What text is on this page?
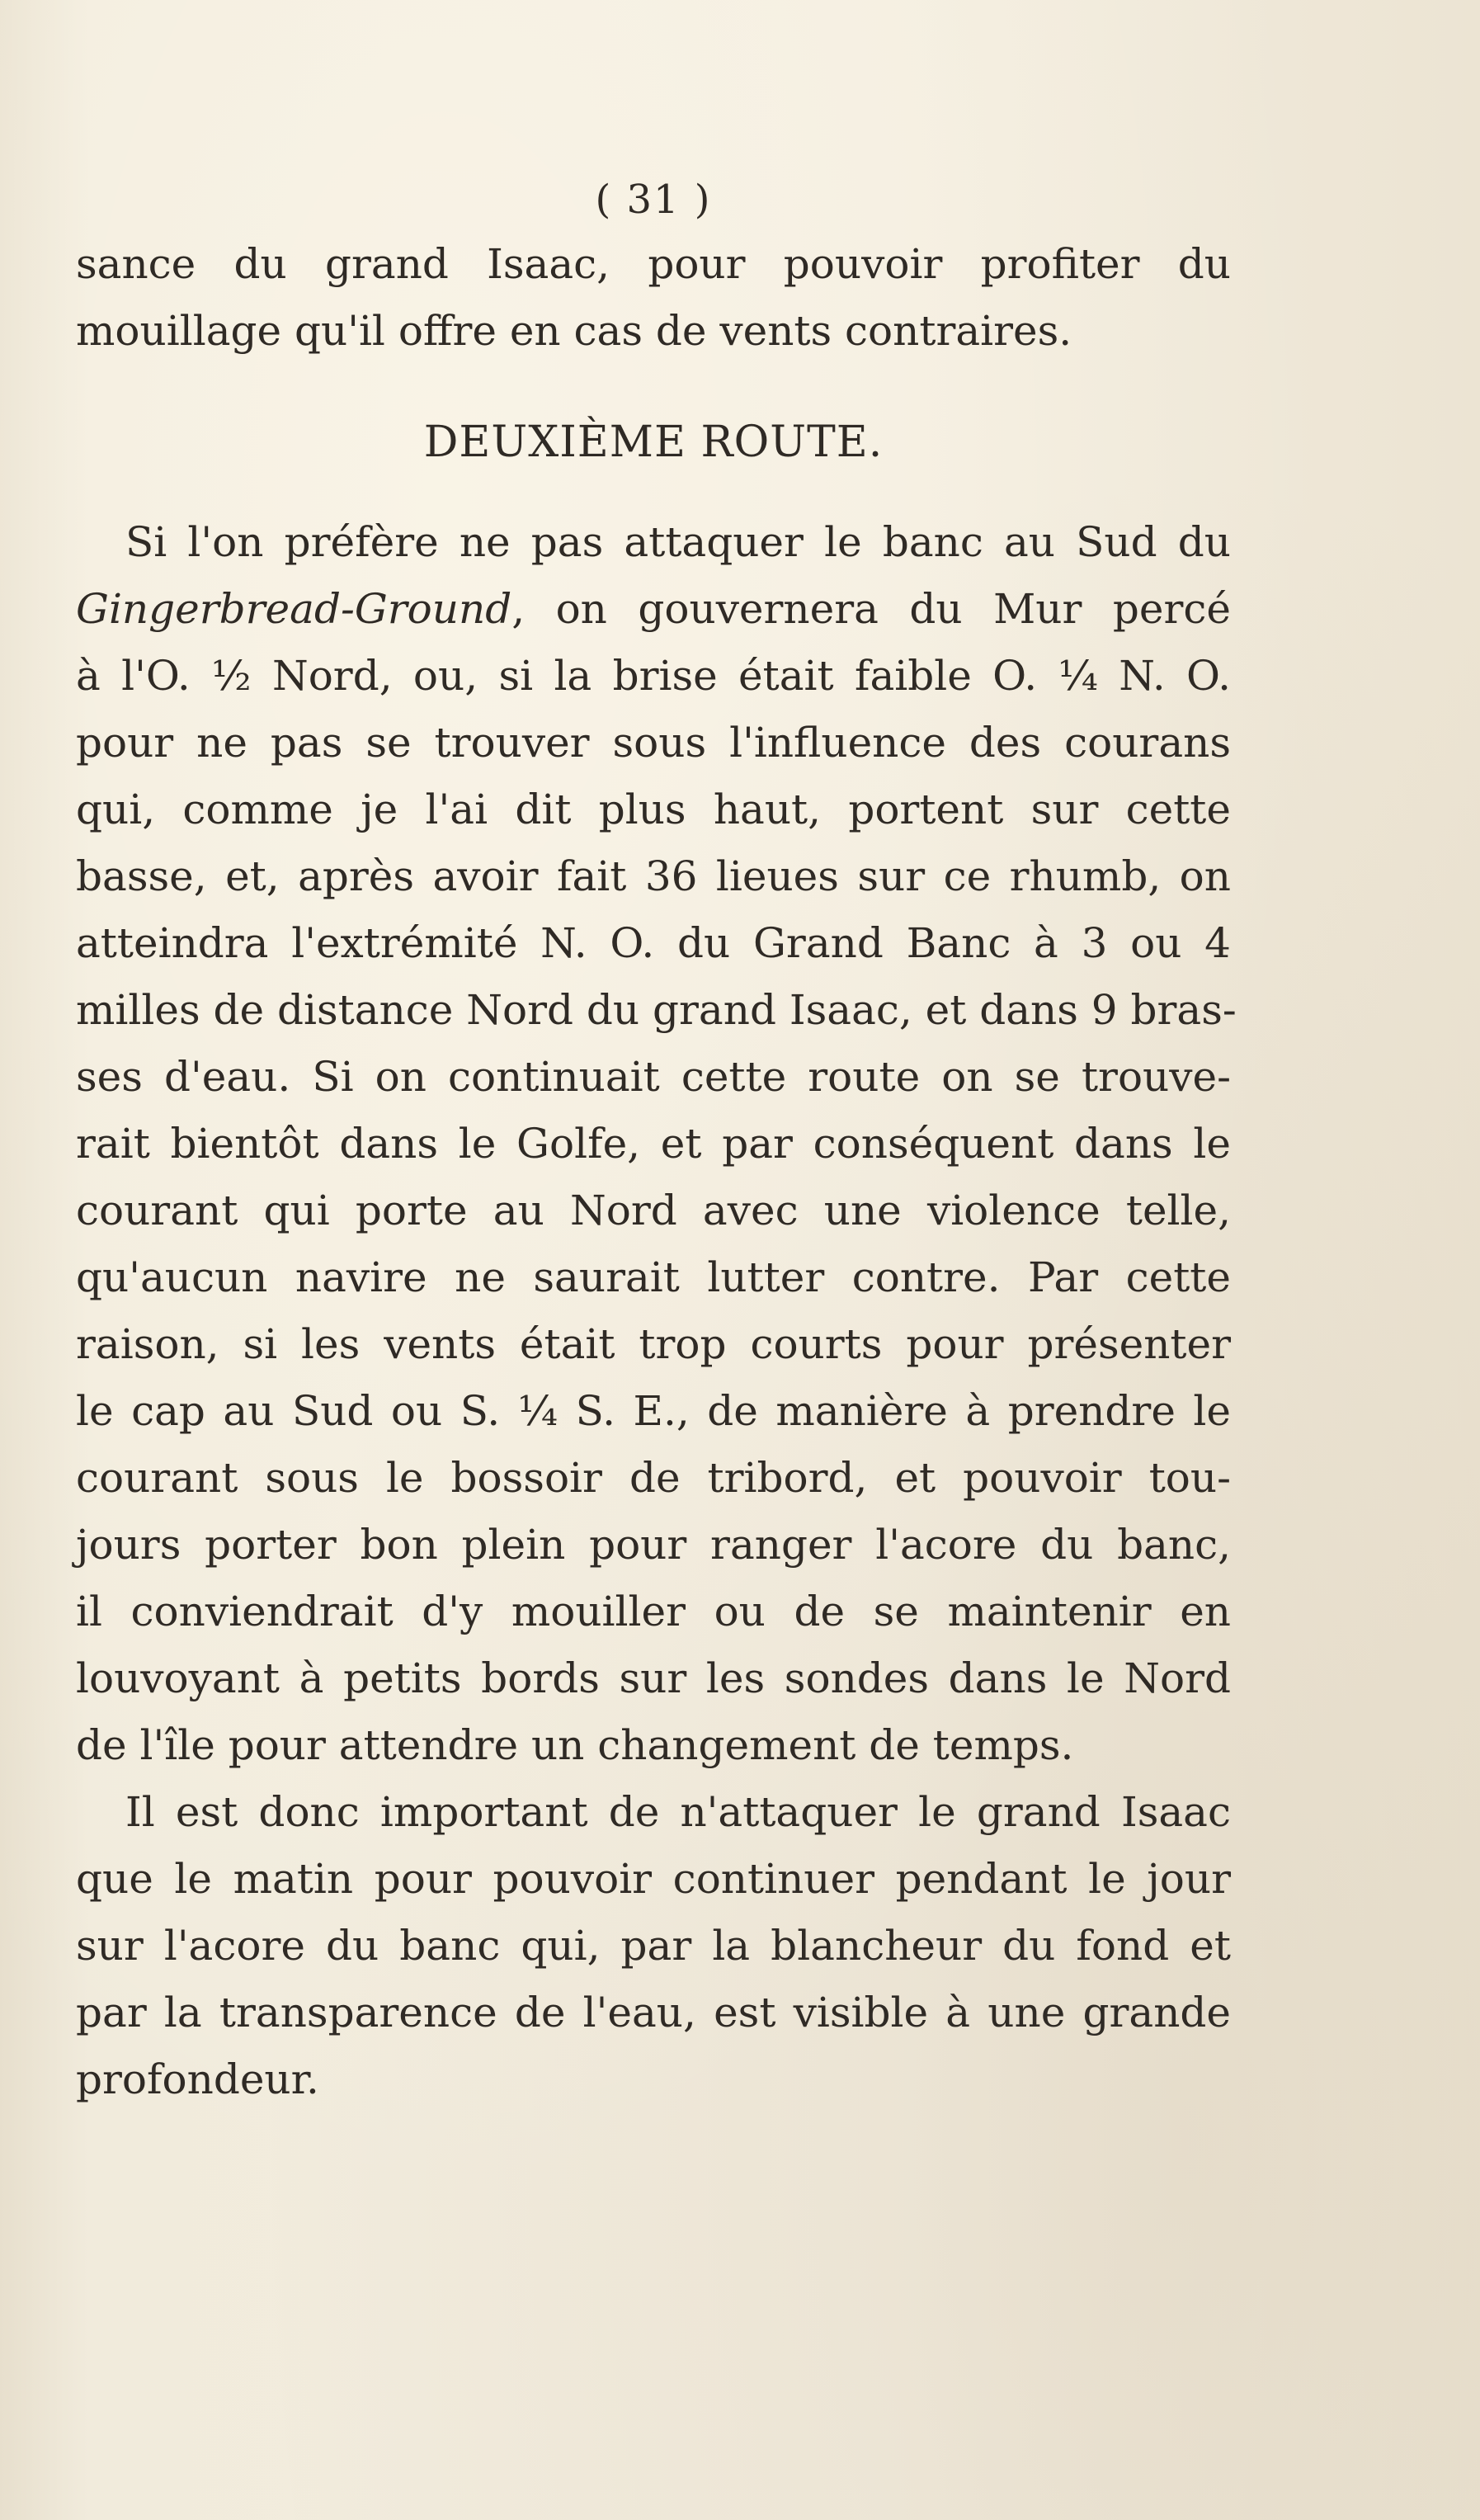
( 31 )
sance du grand Isaac, pour pouvoir profiter du
mouillage qu'il offre en cas de vents contraires.
DEUXIÈME ROUTE.
Si l'on préfère ne pas attaquer le banc au Sud du
Gingerbread-Ground, on gouvernera du Mur percé
à l'O. ½ Nord, ou, si la brise était faible O. ¼ N. O.
pour ne pas se trouver sous l'influence des courans
qui, comme je l'ai dit plus haut, portent sur cette
basse, et, après avoir fait 36 lieues sur ce rhumb, on
atteindra l'extrémité N. O. du Grand Banc à 3 ou 4
milles de distance Nord du grand Isaac, et dans 9 bras-
ses d'eau. Si on continuait cette route on se trouve-
rait bientôt dans le Golfe, et par conséquent dans le
courant qui porte au Nord avec une violence telle,
qu'aucun navire ne saurait lutter contre. Par cette
raison, si les vents était trop courts pour présenter
le cap au Sud ou S. ¼ S. E., de manière à prendre le
courant sous le bossoir de tribord, et pouvoir tou-
jours porter bon plein pour ranger l'acore du banc,
il conviendrait d'y mouiller ou de se maintenir en
louvoyant à petits bords sur les sondes dans le Nord
de l'île pour attendre un changement de temps.
Il est donc important de n'attaquer le grand Isaac
que le matin pour pouvoir continuer pendant le jour
sur l'acore du banc qui, par la blancheur du fond et
par la transparence de l'eau, est visible à une grande
profondeur.
